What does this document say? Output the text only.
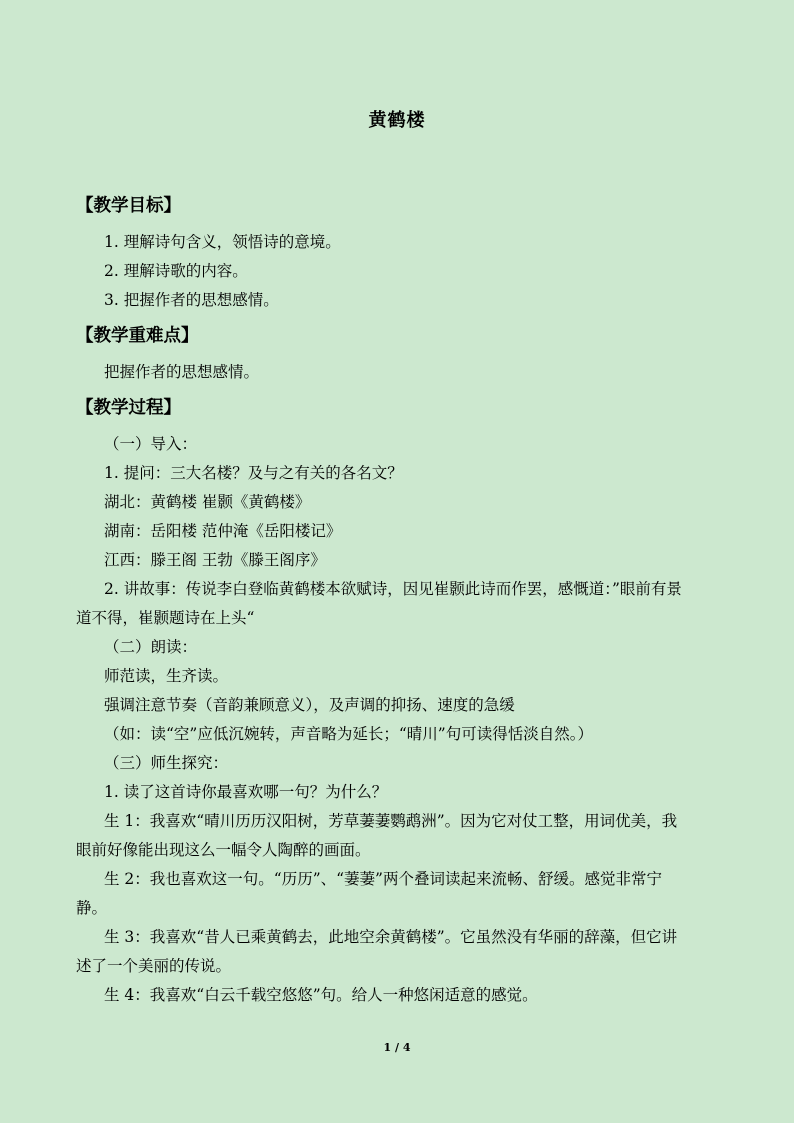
黄鹤楼
【教学目标】
1. 理解诗句含义，领悟诗的意境。
2. 理解诗歌的内容。
3. 把握作者的思想感情。
【教学重难点】
把握作者的思想感情。
【教学过程】
（一）导入：
1. 提问：三大名楼？及与之有关的各名文？
湖北：黄鹤楼 崔颢《黄鹤楼》
湖南：岳阳楼 范仲淹《岳阳楼记》
江西：滕王阁 王勃《滕王阁序》
2. 讲故事：传说李白登临黄鹤楼本欲赋诗，因见崔颢此诗而作罢，感慨道：”眼前有景
道不得，崔颢题诗在上头“
（二）朗读：
师范读，生齐读。
强调注意节奏（音韵兼顾意义），及声调的抑扬、速度的急缓
（如：读“空”应低沉婉转，声音略为延长；“晴川”句可读得恬淡自然。）
（三）师生探究：
1. 读了这首诗你最喜欢哪一句？为什么？
生 1：我喜欢“晴川历历汉阳树，芳草萋萋鹦鹉洲”。因为它对仗工整，用词优美，我
眼前好像能出现这么一幅令人陶醉的画面。
生 2：我也喜欢这一句。“历历”、“萋萋”两个叠词读起来流畅、舒缓。感觉非常宁
静。
生 3：我喜欢“昔人已乘黄鹤去，此地空余黄鹤楼”。它虽然没有华丽的辞藻，但它讲
述了一个美丽的传说。
生 4：我喜欢“白云千载空悠悠”句。给人一种悠闲适意的感觉。
1 / 4
